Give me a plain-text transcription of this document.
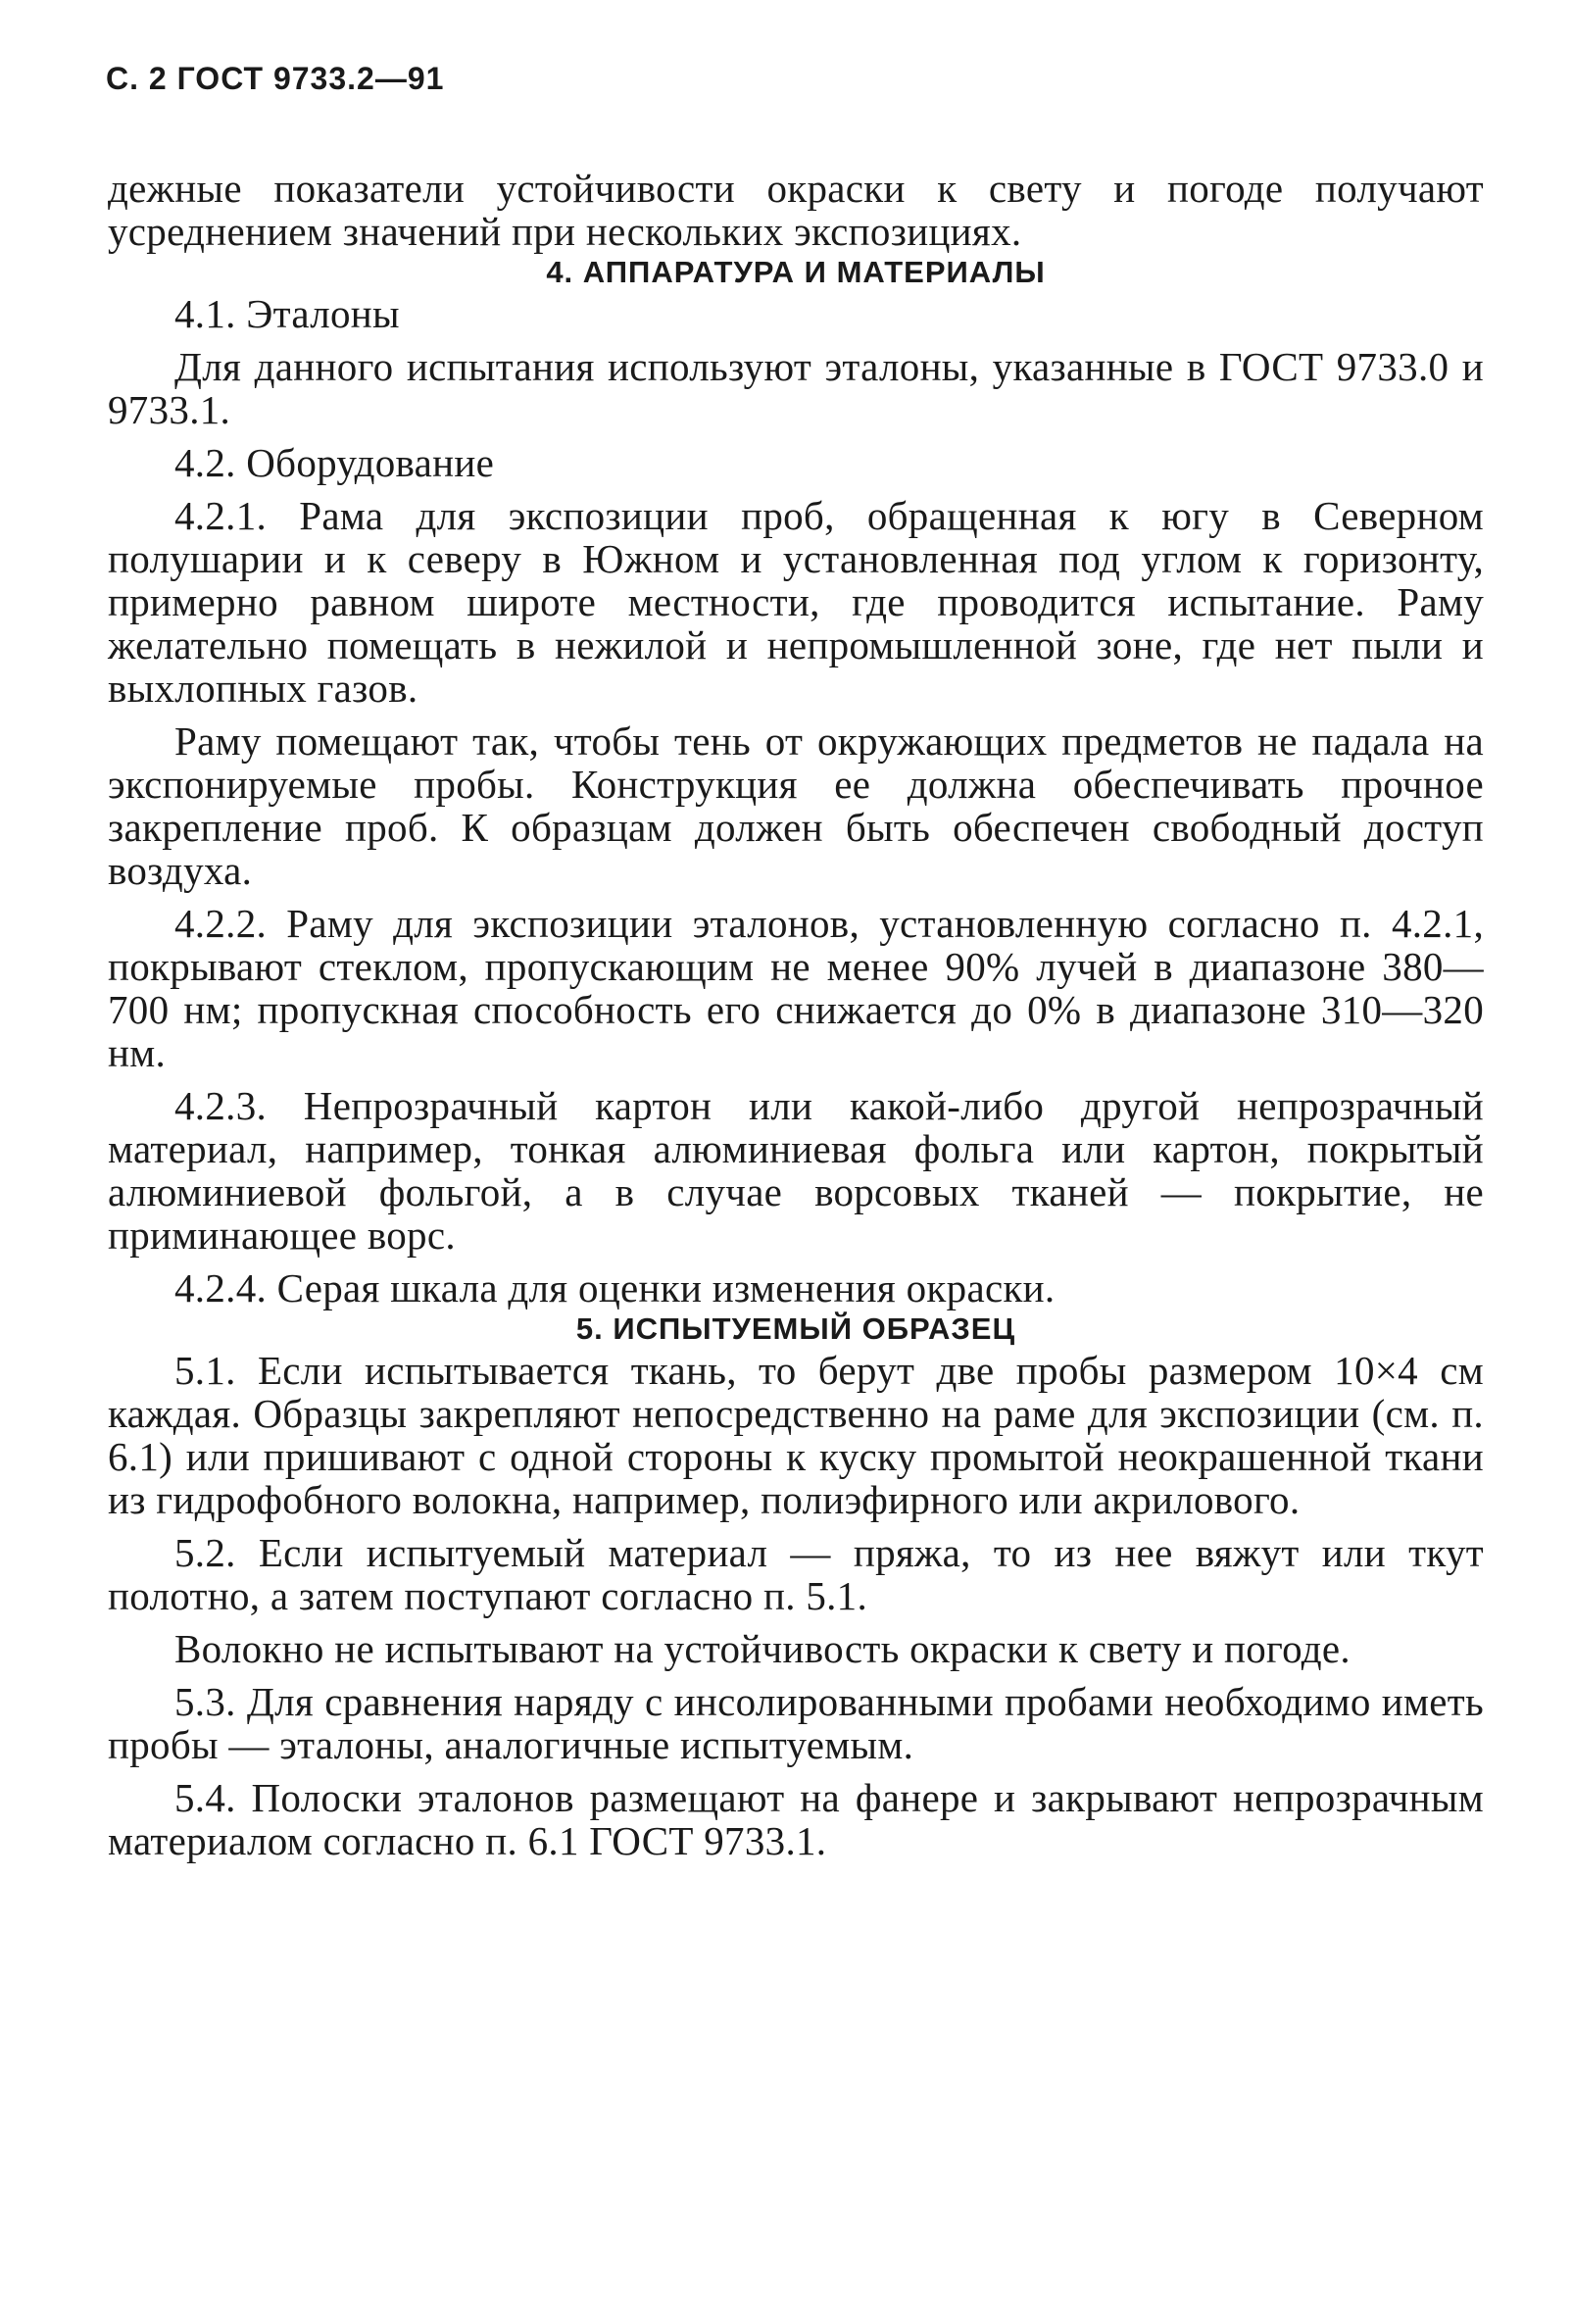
С. 2 ГОСТ 9733.2—91

дежные показатели устойчивости окраски к свету и погоде получают усреднением значений при нескольких экспозициях.

4. АППАРАТУРА И МАТЕРИАЛЫ

4.1. Эталоны

Для данного испытания используют эталоны, указанные в ГОСТ 9733.0 и 9733.1.

4.2. Оборудование

4.2.1. Рама для экспозиции проб, обращенная к югу в Северном полушарии и к северу в Южном и установленная под углом к горизонту, примерно равном широте местности, где проводится испытание. Раму желательно помещать в нежилой и непромышленной зоне, где нет пыли и выхлопных газов.

Раму помещают так, чтобы тень от окружающих предметов не падала на экспонируемые пробы. Конструкция ее должна обеспечивать прочное закрепление проб. К образцам должен быть обеспечен свободный доступ воздуха.

4.2.2. Раму для экспозиции эталонов, установленную согласно п. 4.2.1, покрывают стеклом, пропускающим не менее 90% лучей в диапазоне 380—700 нм; пропускная способность его снижается до 0% в диапазоне 310—320 нм.

4.2.3. Непрозрачный картон или какой-либо другой непрозрачный материал, например, тонкая алюминиевая фольга или картон, покрытый алюминиевой фольгой, а в случае ворсовых тканей — покрытие, не приминающее ворс.

4.2.4. Серая шкала для оценки изменения окраски.

5. ИСПЫТУЕМЫЙ ОБРАЗЕЦ

5.1. Если испытывается ткань, то берут две пробы размером 10×4 см каждая. Образцы закрепляют непосредственно на раме для экспозиции (см. п. 6.1) или пришивают с одной стороны к куску промытой неокрашенной ткани из гидрофобного волокна, например, полиэфирного или акрилового.

5.2. Если испытуемый материал — пряжа, то из нее вяжут или ткут полотно, а затем поступают согласно п. 5.1.

Волокно не испытывают на устойчивость окраски к свету и погоде.

5.3. Для сравнения наряду с инсолированными пробами необходимо иметь пробы — эталоны, аналогичные испытуемым.

5.4. Полоски эталонов размещают на фанере и закрывают непрозрачным материалом согласно п. 6.1 ГОСТ 9733.1.
